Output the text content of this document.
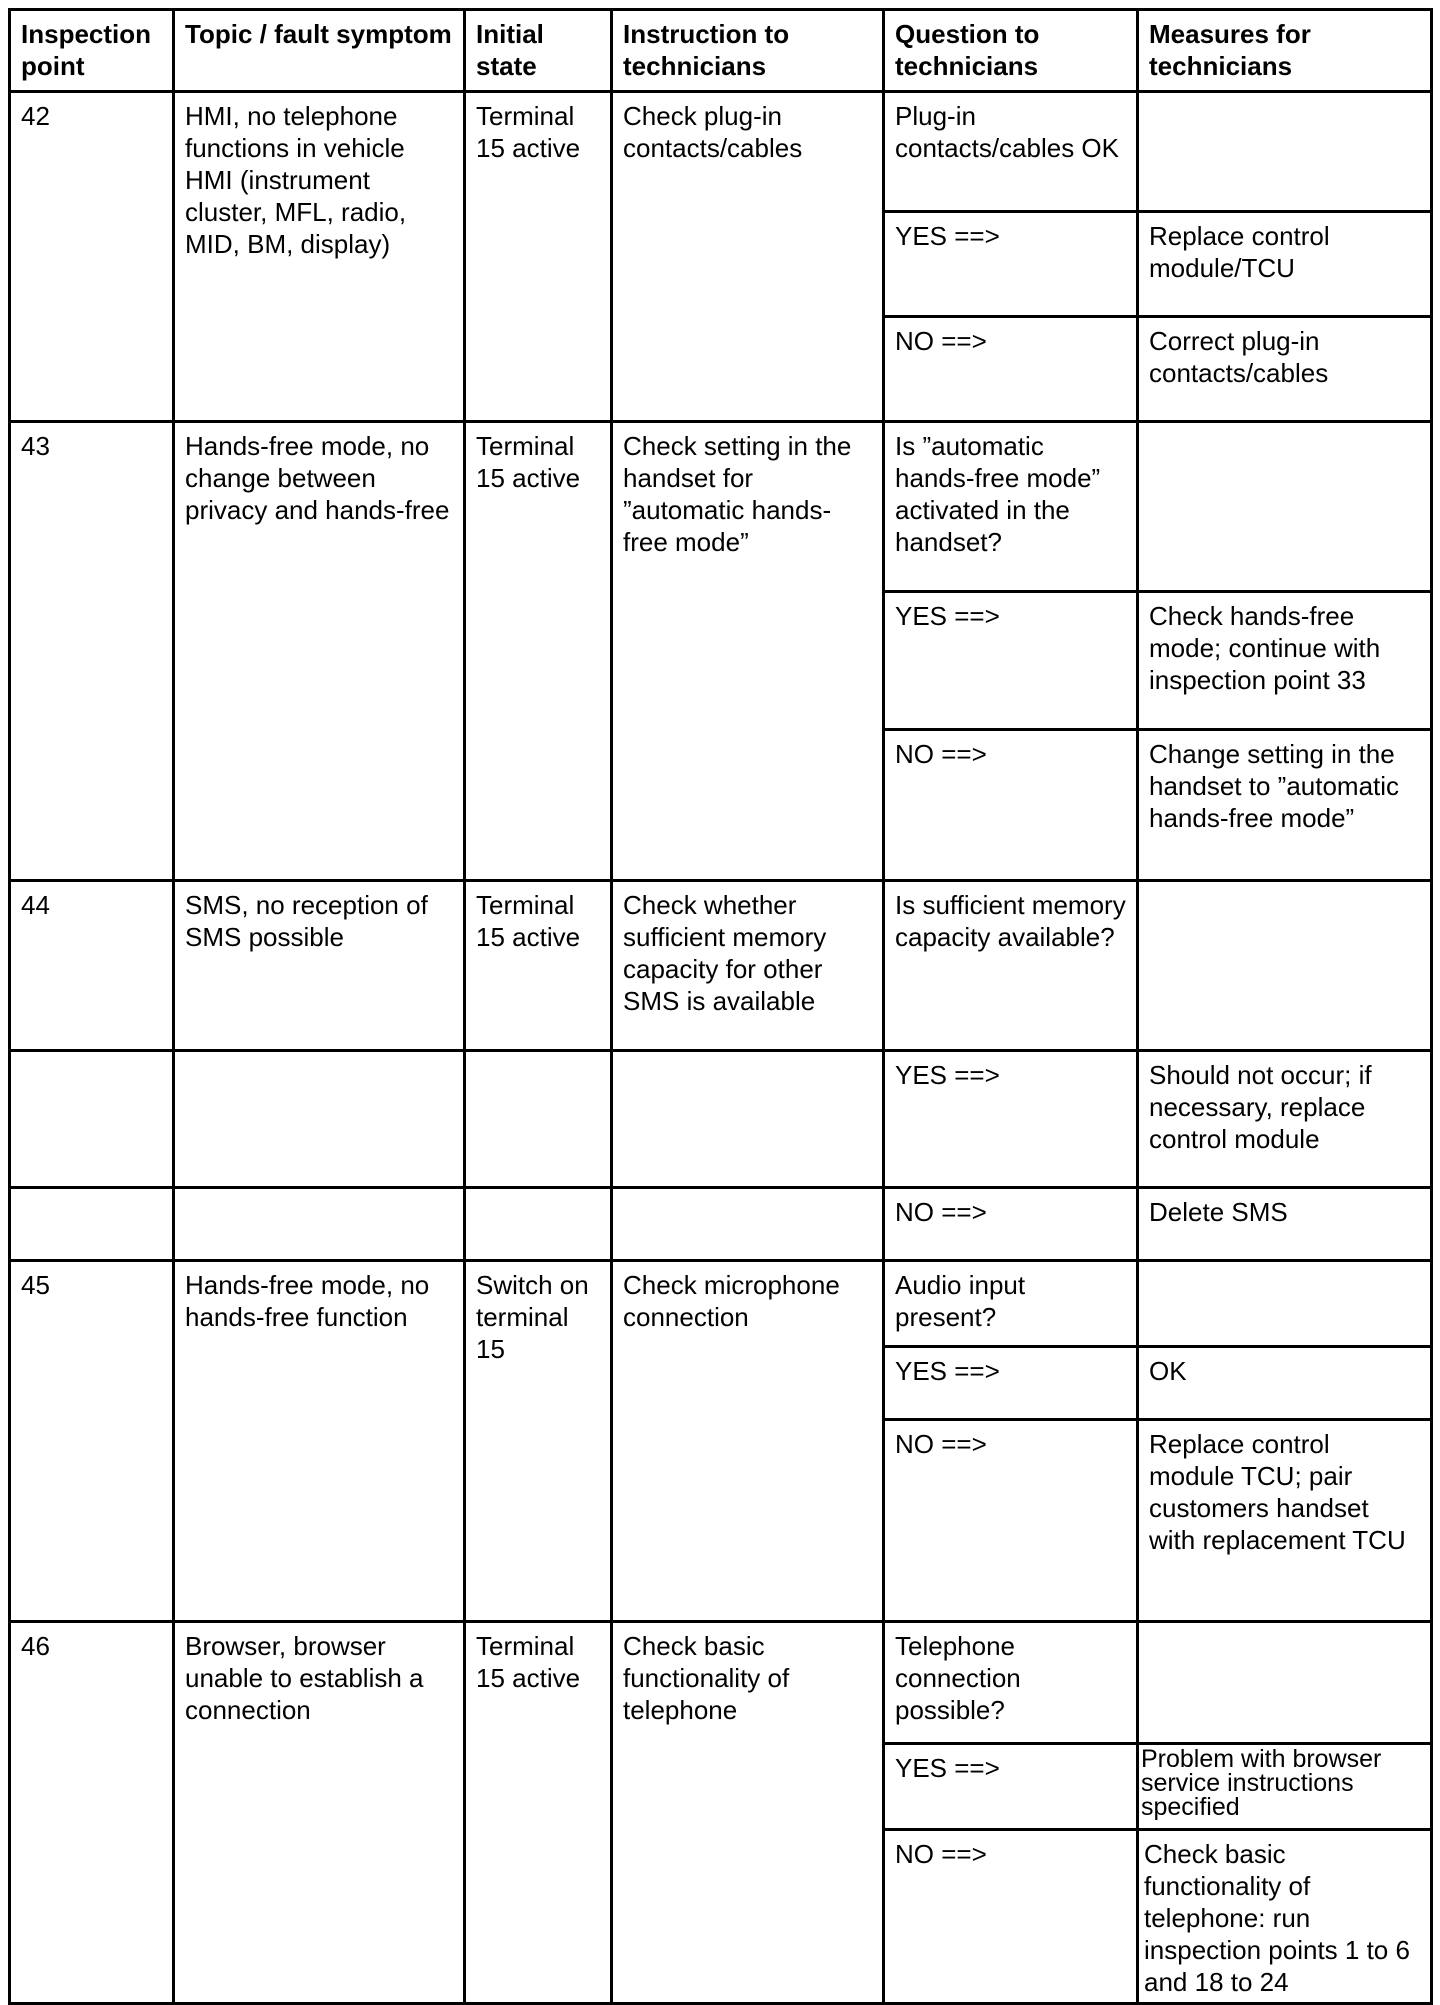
Inspection point	Topic / fault symptom	Initial state	Instruction to technicians	Question to technicians	Measures for technicians
42	HMI, no telephone functions in vehicle HMI (instrument cluster, MFL, radio, MID, BM, display)	Terminal 15 active	Check plug-in contacts/cables	Plug-in contacts/cables OK	
				YES ==>	Replace control module/TCU
				NO ==>	Correct plug-in contacts/cables
43	Hands-free mode, no change between privacy and hands-free	Terminal 15 active	Check setting in the handset for ”automatic hands-free mode”	Is ”automatic hands-free mode” activated in the handset?	
				YES ==>	Check hands-free mode; continue with inspection point 33
				NO ==>	Change setting in the handset to ”automatic hands-free mode”
44	SMS, no reception of SMS possible	Terminal 15 active	Check whether sufficient memory capacity for other SMS is available	Is sufficient memory capacity available?	
				YES ==>	Should not occur; if necessary, replace control module
				NO ==>	Delete SMS
45	Hands-free mode, no hands-free function	Switch on terminal 15	Check microphone connection	Audio input present?	
				YES ==>	OK
				NO ==>	Replace control module TCU; pair customers handset with replacement TCU
46	Browser, browser unable to establish a connection	Terminal 15 active	Check basic functionality of telephone	Telephone connection possible?	
				YES ==>	Problem with browser service instructions specified
				NO ==>	Check basic functionality of telephone: run inspection points 1 to 6 and 18 to 24
